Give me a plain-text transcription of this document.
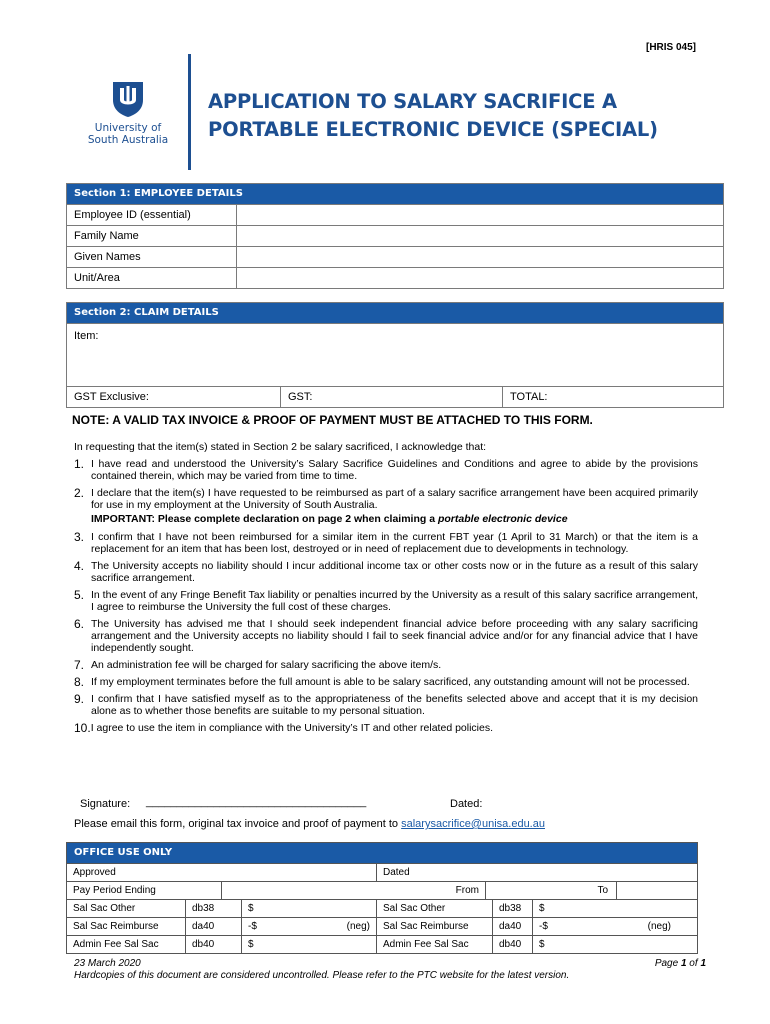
[HRIS 045]
University of
South Australia
APPLICATION TO SALARY SACRIFICE A
PORTABLE ELECTRONIC DEVICE (SPECIAL)
Section 1: EMPLOYEE DETAILS
Employee ID (essential)
Family Name
Given Names
Unit/Area
Section 2: CLAIM DETAILS
Item:
GST Exclusive:	GST:	TOTAL:
NOTE: A VALID TAX INVOICE & PROOF OF PAYMENT MUST BE ATTACHED TO THIS FORM.
In requesting that the item(s) stated in Section 2 be salary sacrificed, I acknowledge that:
1. I have read and understood the University’s Salary Sacrifice Guidelines and Conditions and agree to abide by the provisions contained therein, which may be varied from time to time.
2. I declare that the item(s) I have requested to be reimbursed as part of a salary sacrifice arrangement have been acquired primarily for use in my employment at the University of South Australia.
IMPORTANT: Please complete declaration on page 2 when claiming a portable electronic device
3. I confirm that I have not been reimbursed for a similar item in the current FBT year (1 April to 31 March) or that the item is a replacement for an item that has been lost, destroyed or in need of replacement due to developments in technology.
4. The University accepts no liability should I incur additional income tax or other costs now or in the future as a result of this salary sacrifice arrangement.
5. In the event of any Fringe Benefit Tax liability or penalties incurred by the University as a result of this salary sacrifice arrangement, I agree to reimburse the University the full cost of these charges.
6. The University has advised me that I should seek independent financial advice before proceeding with any salary sacrificing arrangement and the University accepts no liability should I fail to seek financial advice and/or for any financial advice that I have independently sought.
7. An administration fee will be charged for salary sacrificing the above item/s.
8. If my employment terminates before the full amount is able to be salary sacrificed, any outstanding amount will not be processed.
9. I confirm that I have satisfied myself as to the appropriateness of the benefits selected above and accept that it is my decision alone as to whether those benefits are suitable to my personal situation.
10. I agree to use the item in compliance with the University’s IT and other related policies.
Signature: ____________________________________	Dated:
Please email this form, original tax invoice and proof of payment to salarysacrifice@unisa.edu.au
OFFICE USE ONLY
Approved	Dated
Pay Period Ending	From	To
Sal Sac Other	db38	$	Sal Sac Other	db38	$
Sal Sac Reimburse	da40	-$	(neg)	Sal Sac Reimburse	da40	-$	(neg)
Admin Fee Sal Sac	db40	$	Admin Fee Sal Sac	db40	$
23 March 2020
Hardcopies of this document are considered uncontrolled. Please refer to the PTC website for the latest version.
Page 1 of 1
